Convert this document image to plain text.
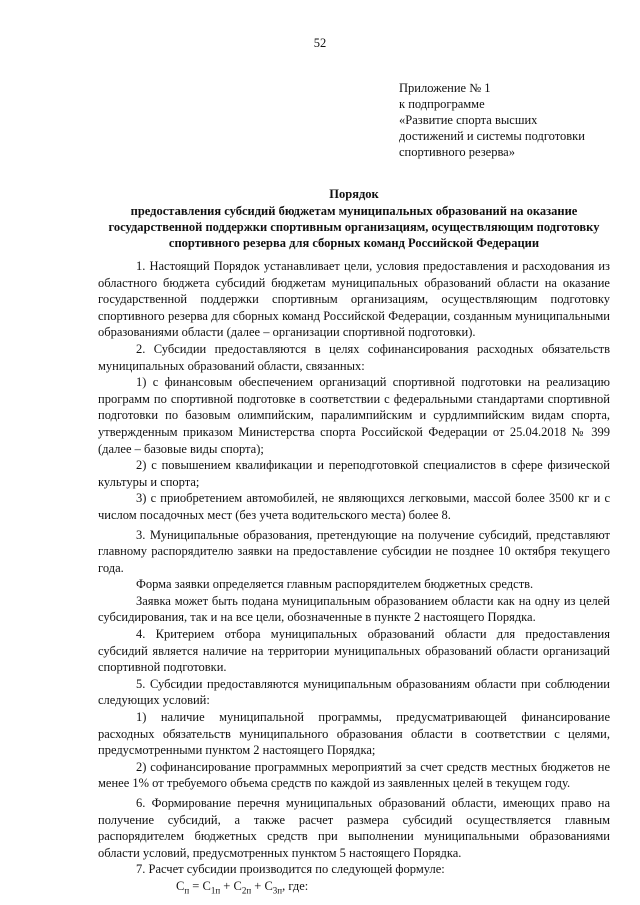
52
Приложение № 1
к подпрограмме
«Развитие спорта высших
достижений и системы подготовки
спортивного резерва»
Порядок
предоставления субсидий бюджетам муниципальных образований на оказание
государственной поддержки спортивным организациям, осуществляющим подготовку
спортивного резерва для сборных команд Российской Федерации

1. Настоящий Порядок устанавливает цели, условия предоставления и расходования из областного бюджета субсидий бюджетам муниципальных образований области на оказание государственной поддержки спортивным организациям, осуществляющим подготовку спортивного резерва для сборных команд Российской Федерации, созданным муниципальными образованиями области (далее – организации спортивной подготовки).

2. Субсидии предоставляются в целях софинансирования расходных обязательств муниципальных образований области, связанных:

1) с финансовым обеспечением организаций спортивной подготовки на реализацию программ по спортивной подготовке в соответствии с федеральными стандартами спортивной подготовки по базовым олимпийским, паралимпийским и сурдлимпийским видам спорта, утвержденным приказом Министерства спорта Российской Федерации от 25.04.2018 № 399 (далее – базовые виды спорта);

2) с повышением квалификации и переподготовкой специалистов в сфере физической культуры и спорта;

3) с приобретением автомобилей, не являющихся легковыми, массой более 3500 кг и с числом посадочных мест (без учета водительского места) более 8.

3. Муниципальные образования, претендующие на получение субсидий, представляют главному распорядителю заявки на предоставление субсидии не позднее 10 октября текущего года.

Форма заявки определяется главным распорядителем бюджетных средств.

Заявка может быть подана муниципальным образованием области как на одну из целей субсидирования, так и на все цели, обозначенные в пункте 2 настоящего Порядка.

4. Критерием отбора муниципальных образований области для предоставления субсидий является наличие на территории муниципальных образований области организаций спортивной подготовки.

5. Субсидии предоставляются муниципальным образованиям области при соблюдении следующих условий:

1) наличие муниципальной программы, предусматривающей финансирование расходных обязательств муниципального образования области в соответствии с целями, предусмотренными пунктом 2 настоящего Порядка;

2) софинансирование программных мероприятий за счет средств местных бюджетов не менее 1% от требуемого объема средств по каждой из заявленных целей в текущем году.

6. Формирование перечня муниципальных образований области, имеющих право на получение субсидий, а также расчет размера субсидий осуществляется главным распорядителем бюджетных средств при выполнении муниципальными образованиями области условий, предусмотренных пунктом 5 настоящего Порядка.

7. Расчет субсидии производится по следующей формуле:

$C_п = C_{1п} + C_{2п} + C_{3п}$, где:
